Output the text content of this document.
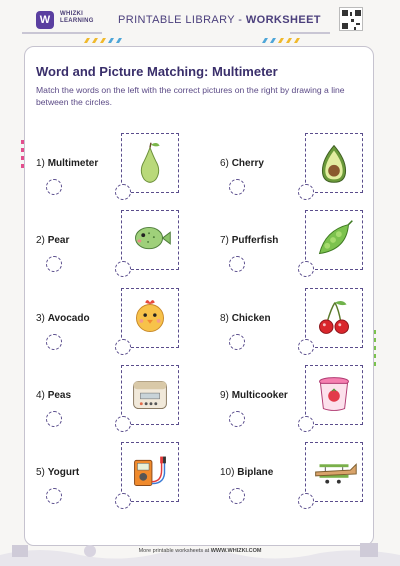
W	WHIZKI
LEARNING PRINTABLE LIBRARY - WORKSHEET
Word and Picture Matching: Multimeter
Match the words on the left with the correct pictures on the right by drawing a line between the circles.
1) Multimeter
2) Pear
3) Avocado
4) Peas
5) Yogurt
6) Cherry
7) Pufferfish
8) Chicken
9) Multicooker
10) Biplane
More printable worksheets at WWW.WHIZKI.COM
